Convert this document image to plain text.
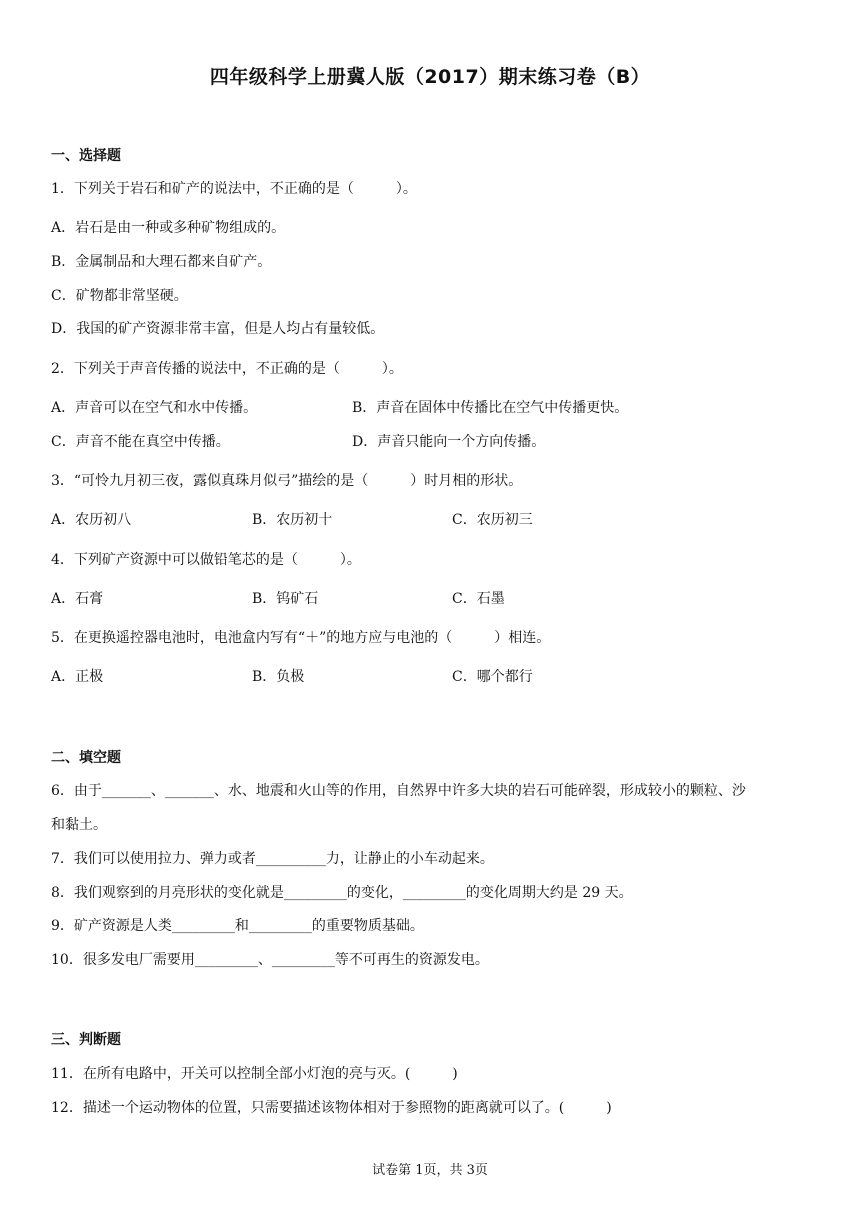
四年级科学上册冀人版（2017）期末练习卷（B）
一、选择题
1．下列关于岩石和矿产的说法中，不正确的是（　　　）。
A．岩石是由一种或多种矿物组成的。
B．金属制品和大理石都来自矿产。
C．矿物都非常坚硬。
D．我国的矿产资源非常丰富，但是人均占有量较低。
2．下列关于声音传播的说法中，不正确的是（　　　）。
A．声音可以在空气和水中传播。	B．声音在固体中传播比在空气中传播更快。
C．声音不能在真空中传播。	D．声音只能向一个方向传播。
3．“可怜九月初三夜，露似真珠月似弓”描绘的是（　　　）时月相的形状。
A．农历初八	B．农历初十	C．农历初三
4．下列矿产资源中可以做铅笔芯的是（　　　）。
A．石膏	B．钨矿石	C．石墨
5．在更换遥控器电池时，电池盒内写有“＋”的地方应与电池的（　　　）相连。
A．正极	B．负极	C．哪个都行
二、填空题
6．由于_______、_______、水、地震和火山等的作用，自然界中许多大块的岩石可能碎裂，形成较小的颗粒、沙
和黏土。
7．我们可以使用拉力、弹力或者__________力，让静止的小车动起来。
8．我们观察到的月亮形状的变化就是_________的变化，_________的变化周期大约是 29 天。
9．矿产资源是人类_________和_________的重要物质基础。
10．很多发电厂需要用_________、_________等不可再生的资源发电。
三、判断题
11．在所有电路中，开关可以控制全部小灯泡的亮与灭。(　　　)
12．描述一个运动物体的位置，只需要描述该物体相对于参照物的距离就可以了。(　　　)
试卷第 1页，共 3页
